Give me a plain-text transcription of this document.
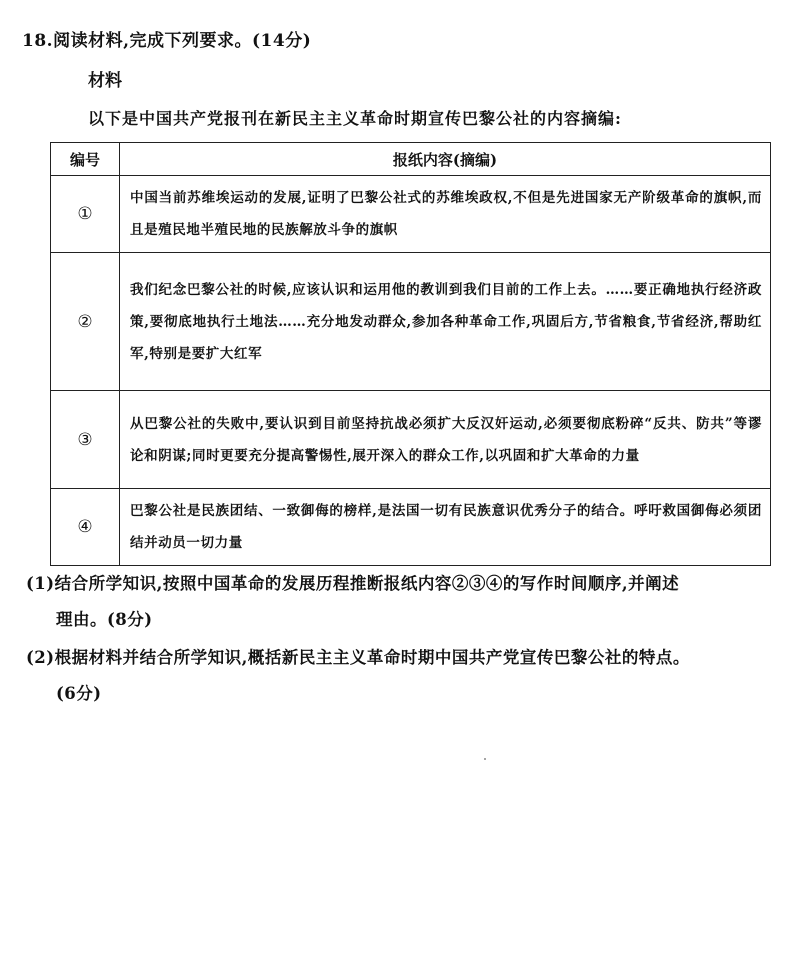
18.阅读材料,完成下列要求。(14分)
材料
以下是中国共产党报刊在新民主主义革命时期宣传巴黎公社的内容摘编:
编号	报纸内容(摘编)
①	中国当前苏维埃运动的发展,证明了巴黎公社式的苏维埃政权,不但是先进国家无产阶级革命的旗帜,而且是殖民地半殖民地的民族解放斗争的旗帜
②	我们纪念巴黎公社的时候,应该认识和运用他的教训到我们目前的工作上去。……要正确地执行经济政策,要彻底地执行土地法……充分地发动群众,参加各种革命工作,巩固后方,节省粮食,节省经济,帮助红军,特别是要扩大红军
③	从巴黎公社的失败中,要认识到目前坚持抗战必须扩大反汉奸运动,必须要彻底粉碎“反共、防共”等谬论和阴谋;同时更要充分提高警惕性,展开深入的群众工作,以巩固和扩大革命的力量
④	巴黎公社是民族团结、一致御侮的榜样,是法国一切有民族意识优秀分子的结合。呼吁救国御侮必须团结并动员一切力量
(1)结合所学知识,按照中国革命的发展历程推断报纸内容②③④的写作时间顺序,并阐述
理由。(8分)
(2)根据材料并结合所学知识,概括新民主主义革命时期中国共产党宣传巴黎公社的特点。
(6分)
